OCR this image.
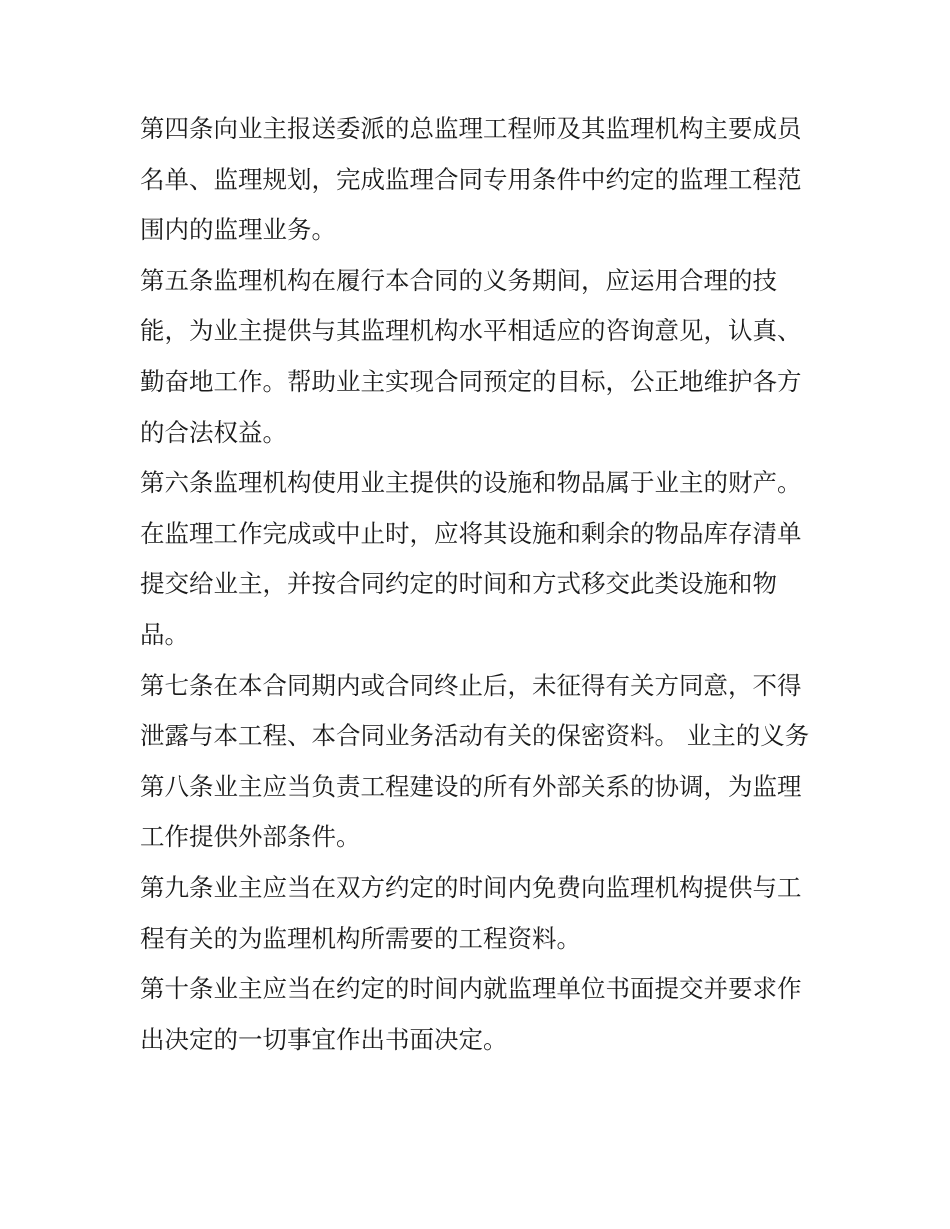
第四条向业主报送委派的总监理工程师及其监理机构主要成员名单、监理规划，完成监理合同专用条件中约定的监理工程范围内的监理业务。

第五条监理机构在履行本合同的义务期间，应运用合理的技能，为业主提供与其监理机构水平相适应的咨询意见，认真、勤奋地工作。帮助业主实现合同预定的目标，公正地维护各方的合法权益。

第六条监理机构使用业主提供的设施和物品属于业主的财产。在监理工作完成或中止时，应将其设施和剩余的物品库存清单提交给业主，并按合同约定的时间和方式移交此类设施和物品。

第七条在本合同期内或合同终止后，未征得有关方同意，不得泄露与本工程、本合同业务活动有关的保密资料。 业主的义务

第八条业主应当负责工程建设的所有外部关系的协调，为监理工作提供外部条件。

第九条业主应当在双方约定的时间内免费向监理机构提供与工程有关的为监理机构所需要的工程资料。

第十条业主应当在约定的时间内就监理单位书面提交并要求作出决定的一切事宜作出书面决定。
